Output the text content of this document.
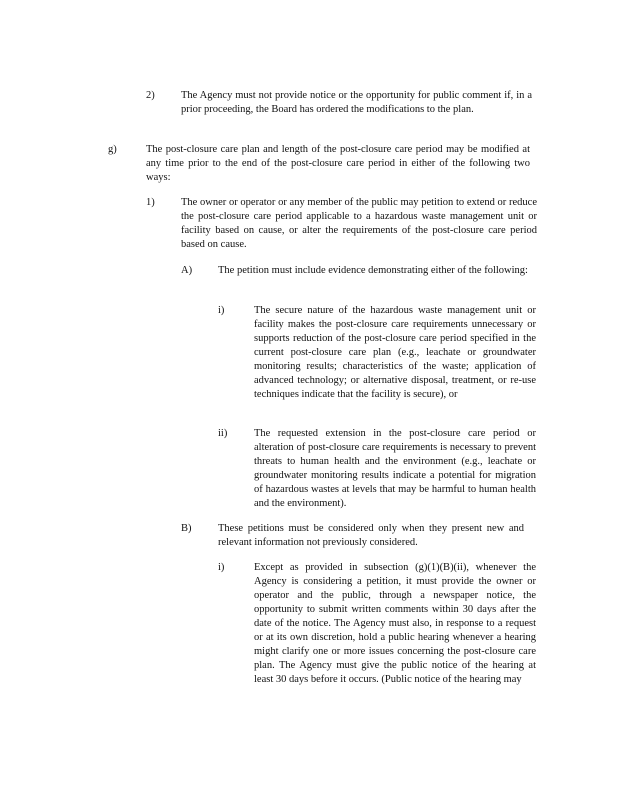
2)	The Agency must not provide notice or the opportunity for public comment if, in a prior proceeding, the Board has ordered the modifications to the plan.
g)	The post-closure care plan and length of the post-closure care period may be modified at any time prior to the end of the post-closure care period in either of the following two ways:
1)	The owner or operator or any member of the public may petition to extend or reduce the post-closure care period applicable to a hazardous waste management unit or facility based on cause, or alter the requirements of the post-closure care period based on cause.
A) The petition must include evidence demonstrating either of the following:
i)	The secure nature of the hazardous waste management unit or facility makes the post-closure care requirements unnecessary or supports reduction of the post-closure care period specified in the current post-closure care plan (e.g., leachate or groundwater monitoring results; characteristics of the waste; application of advanced technology; or alternative disposal, treatment, or re-use techniques indicate that the facility is secure), or
ii)	The requested extension in the post-closure care period or alteration of post-closure care requirements is necessary to prevent threats to human health and the environment (e.g., leachate or groundwater monitoring results indicate a potential for migration of hazardous wastes at levels that may be harmful to human health and the environment).
B)	These petitions must be considered only when they present new and relevant information not previously considered.
i)	Except as provided in subsection (g)(1)(B)(ii), whenever the Agency is considering a petition, it must provide the owner or operator and the public, through a newspaper notice, the opportunity to submit written comments within 30 days after the date of the notice. The Agency must also, in response to a request or at its own discretion, hold a public hearing whenever a hearing might clarify one or more issues concerning the post-closure care plan. The Agency must give the public notice of the hearing at least 30 days before it occurs. (Public notice of the hearing may
